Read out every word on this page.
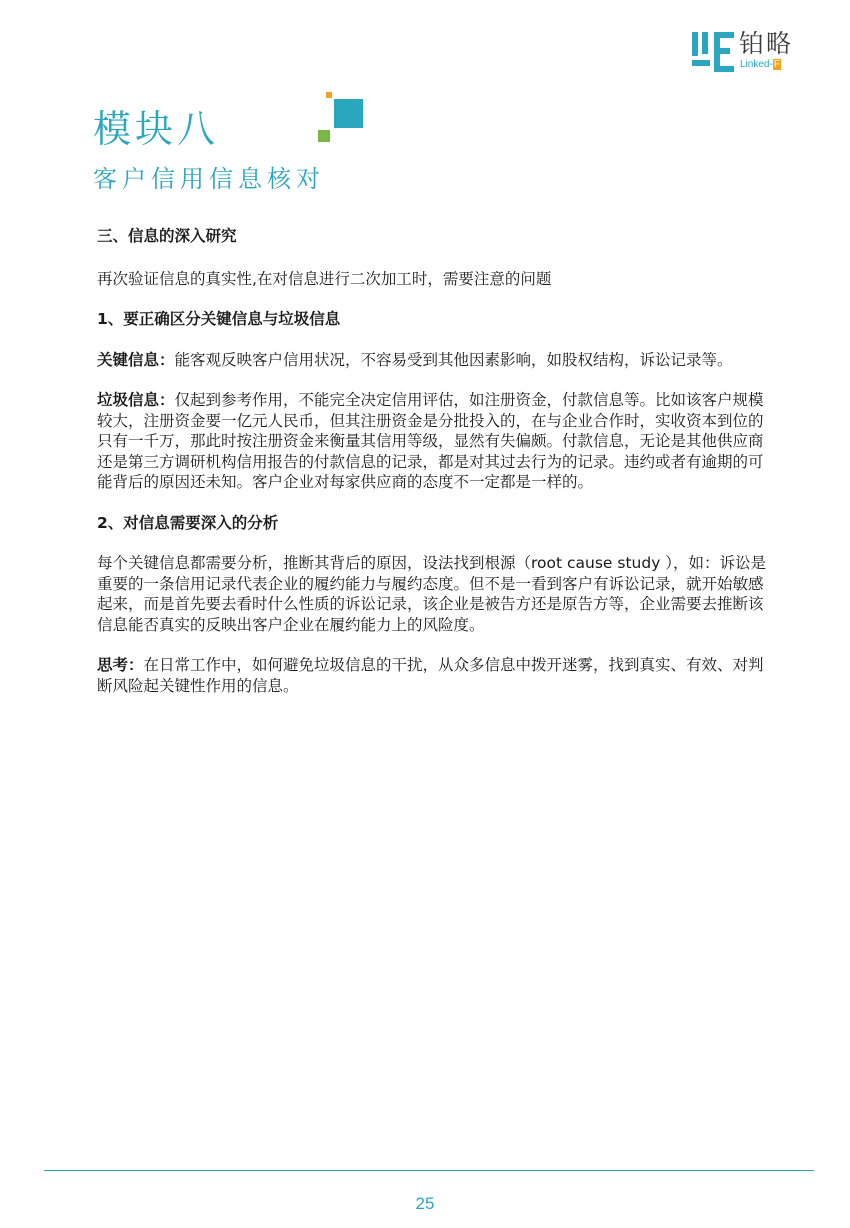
铂略
Linked-F
模块八
客户信用信息核对

三、信息的深入研究

再次验证信息的真实性,在对信息进行二次加工时，需要注意的问题

1、要正确区分关键信息与垃圾信息

关键信息：能客观反映客户信用状况，不容易受到其他因素影响，如股权结构，诉讼记录等。

垃圾信息：仅起到参考作用，不能完全决定信用评估，如注册资金，付款信息等。比如该客户规模较大，注册资金要一亿元人民币，但其注册资金是分批投入的，在与企业合作时，实收资本到位的只有一千万，那此时按注册资金来衡量其信用等级，显然有失偏颇。付款信息，无论是其他供应商还是第三方调研机构信用报告的付款信息的记录，都是对其过去行为的记录。违约或者有逾期的可能背后的原因还未知。客户企业对每家供应商的态度不一定都是一样的。

2、对信息需要深入的分析

每个关键信息都需要分析，推断其背后的原因，设法找到根源（root cause study ），如：诉讼是重要的一条信用记录代表企业的履约能力与履约态度。但不是一看到客户有诉讼记录，就开始敏感起来，而是首先要去看时什么性质的诉讼记录，该企业是被告方还是原告方等，企业需要去推断该信息能否真实的反映出客户企业在履约能力上的风险度。

思考：在日常工作中，如何避免垃圾信息的干扰，从众多信息中拨开迷雾，找到真实、有效、对判断风险起关键性作用的信息。

25
